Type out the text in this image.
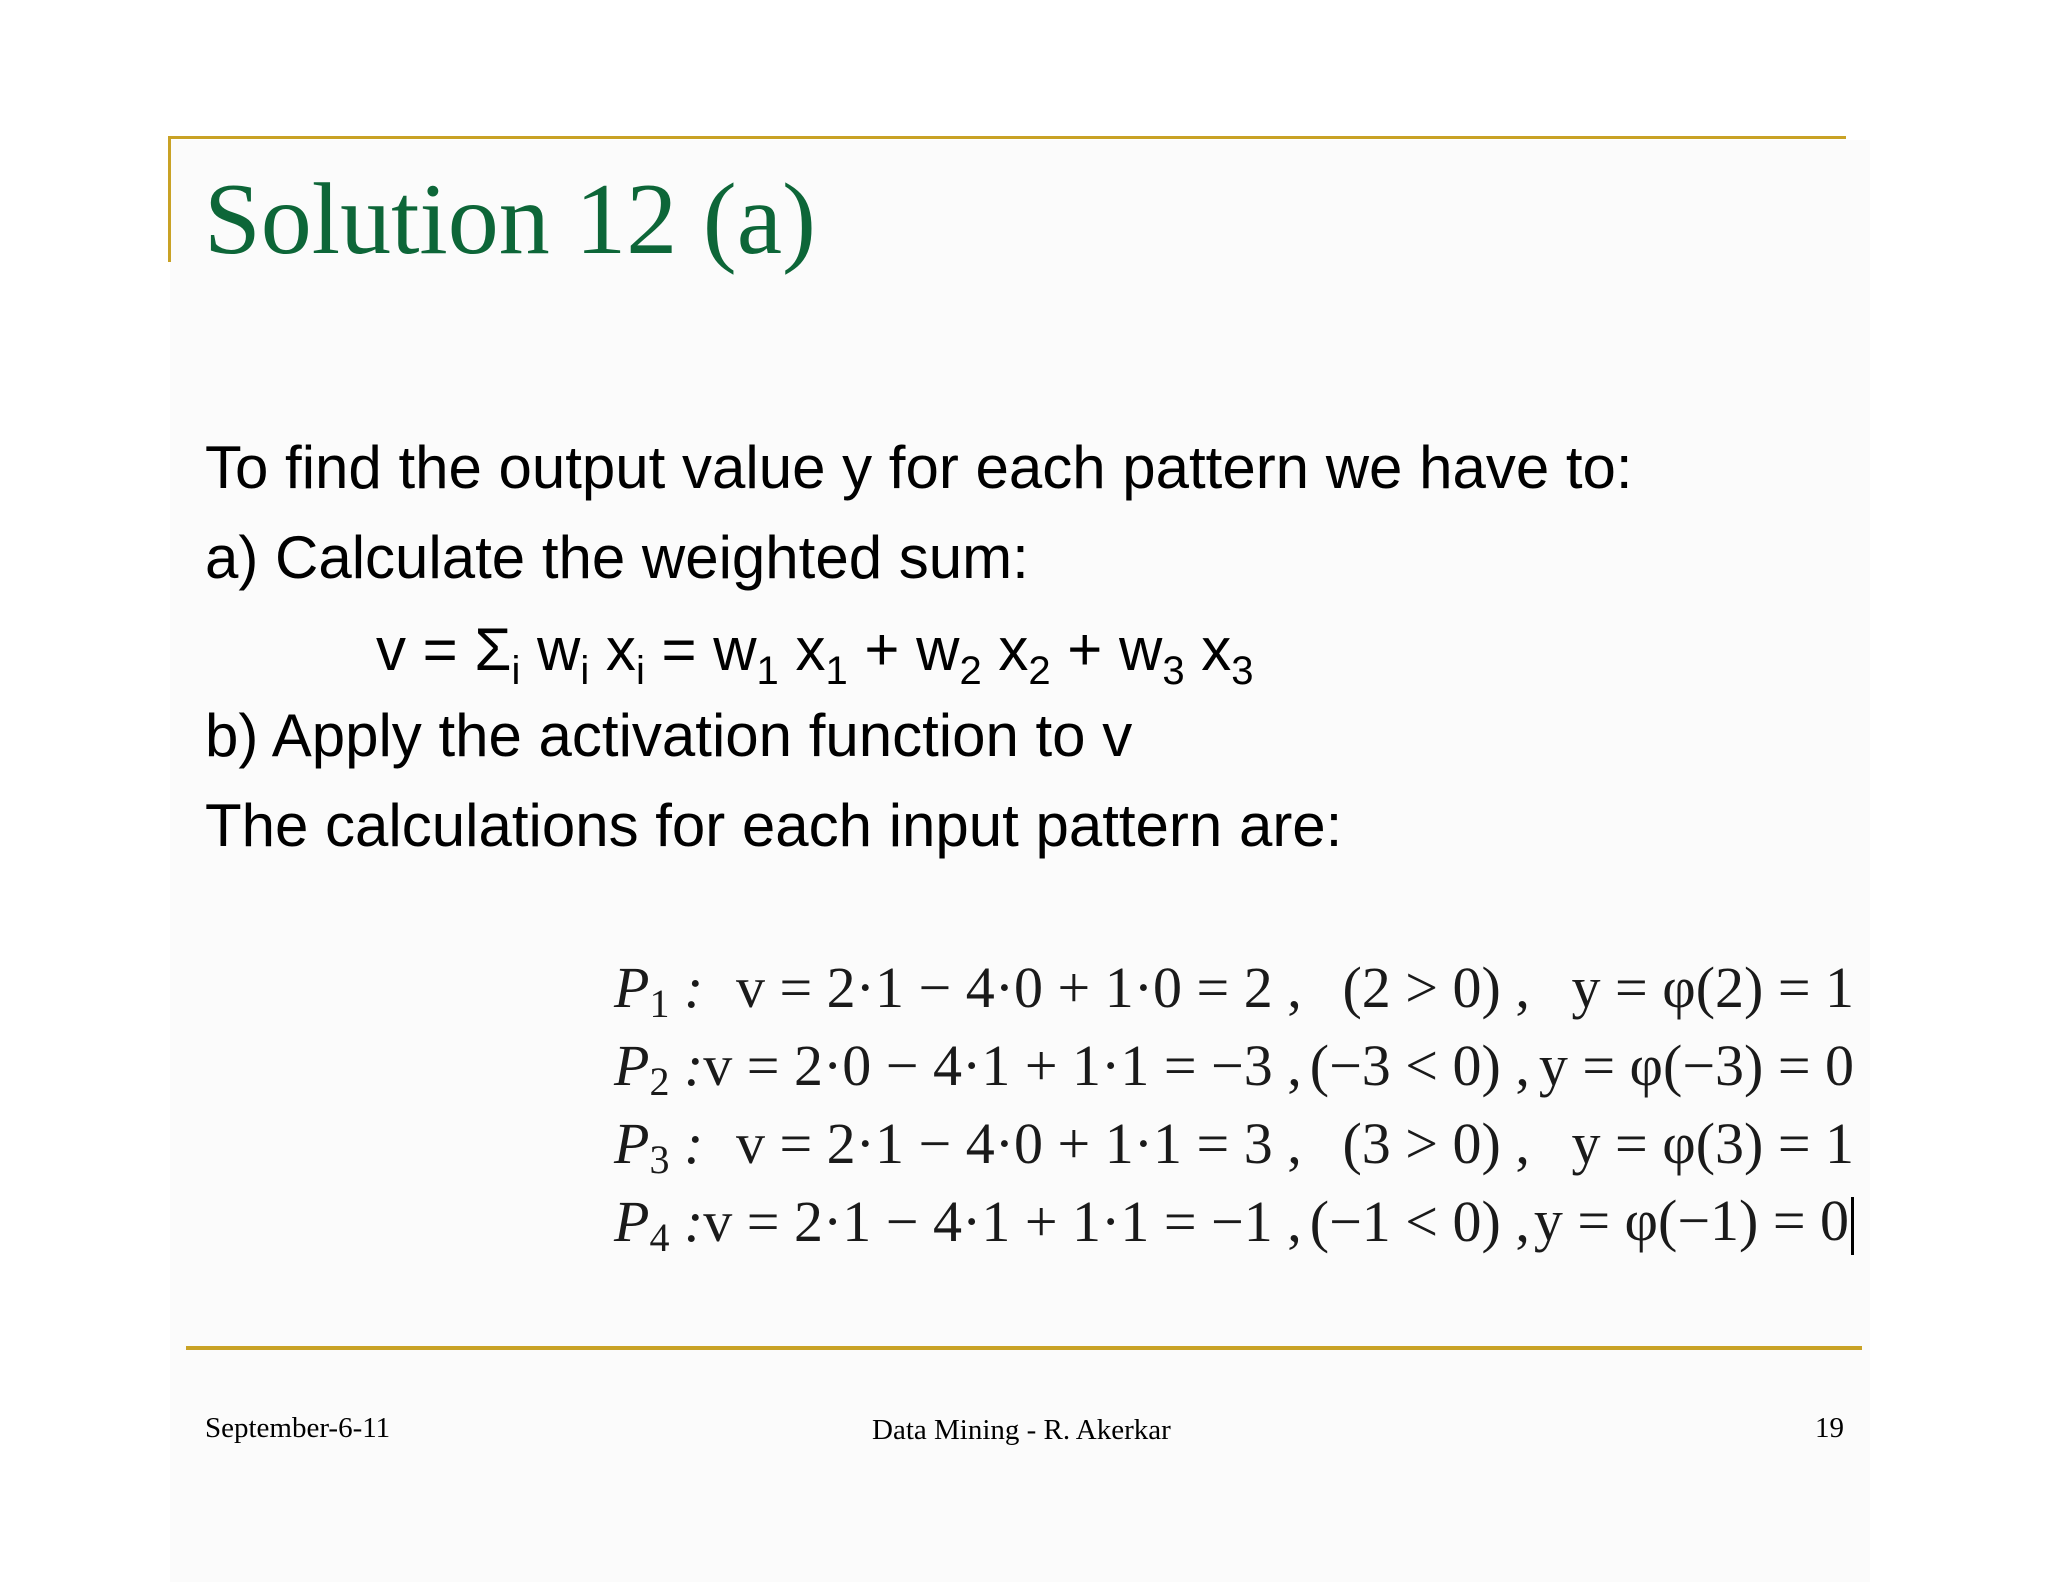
Solution 12 (a)
To find the output value y for each pattern we have to:
a) Calculate the weighted sum:
$v = \Sigma_i$ $w_i$ $x_i = w_1$ $x_1 + w_2$ $x_2 + w_3$ $x_3$
b) Apply the activation function to v
The calculations for each input pattern are:
$P_1$ :	v = 2·1 − 4·0 + 1·0 = 2 ,	(2 > 0) ,	y = φ(2) = 1
$P_2$ :	v = 2·0 − 4·1 + 1·1 = −3 ,	(−3 < 0) ,	y = φ(−3) = 0
$P_3$ :	v = 2·1 − 4·0 + 1·1 = 3 ,	(3 > 0) ,	y = φ(3) = 1
$P_4$ :	v = 2·1 − 4·1 + 1·1 = −1 ,	(−1 < 0) ,	y = φ(−1) = 0
September-6-11	Data Mining - R. Akerkar	19
